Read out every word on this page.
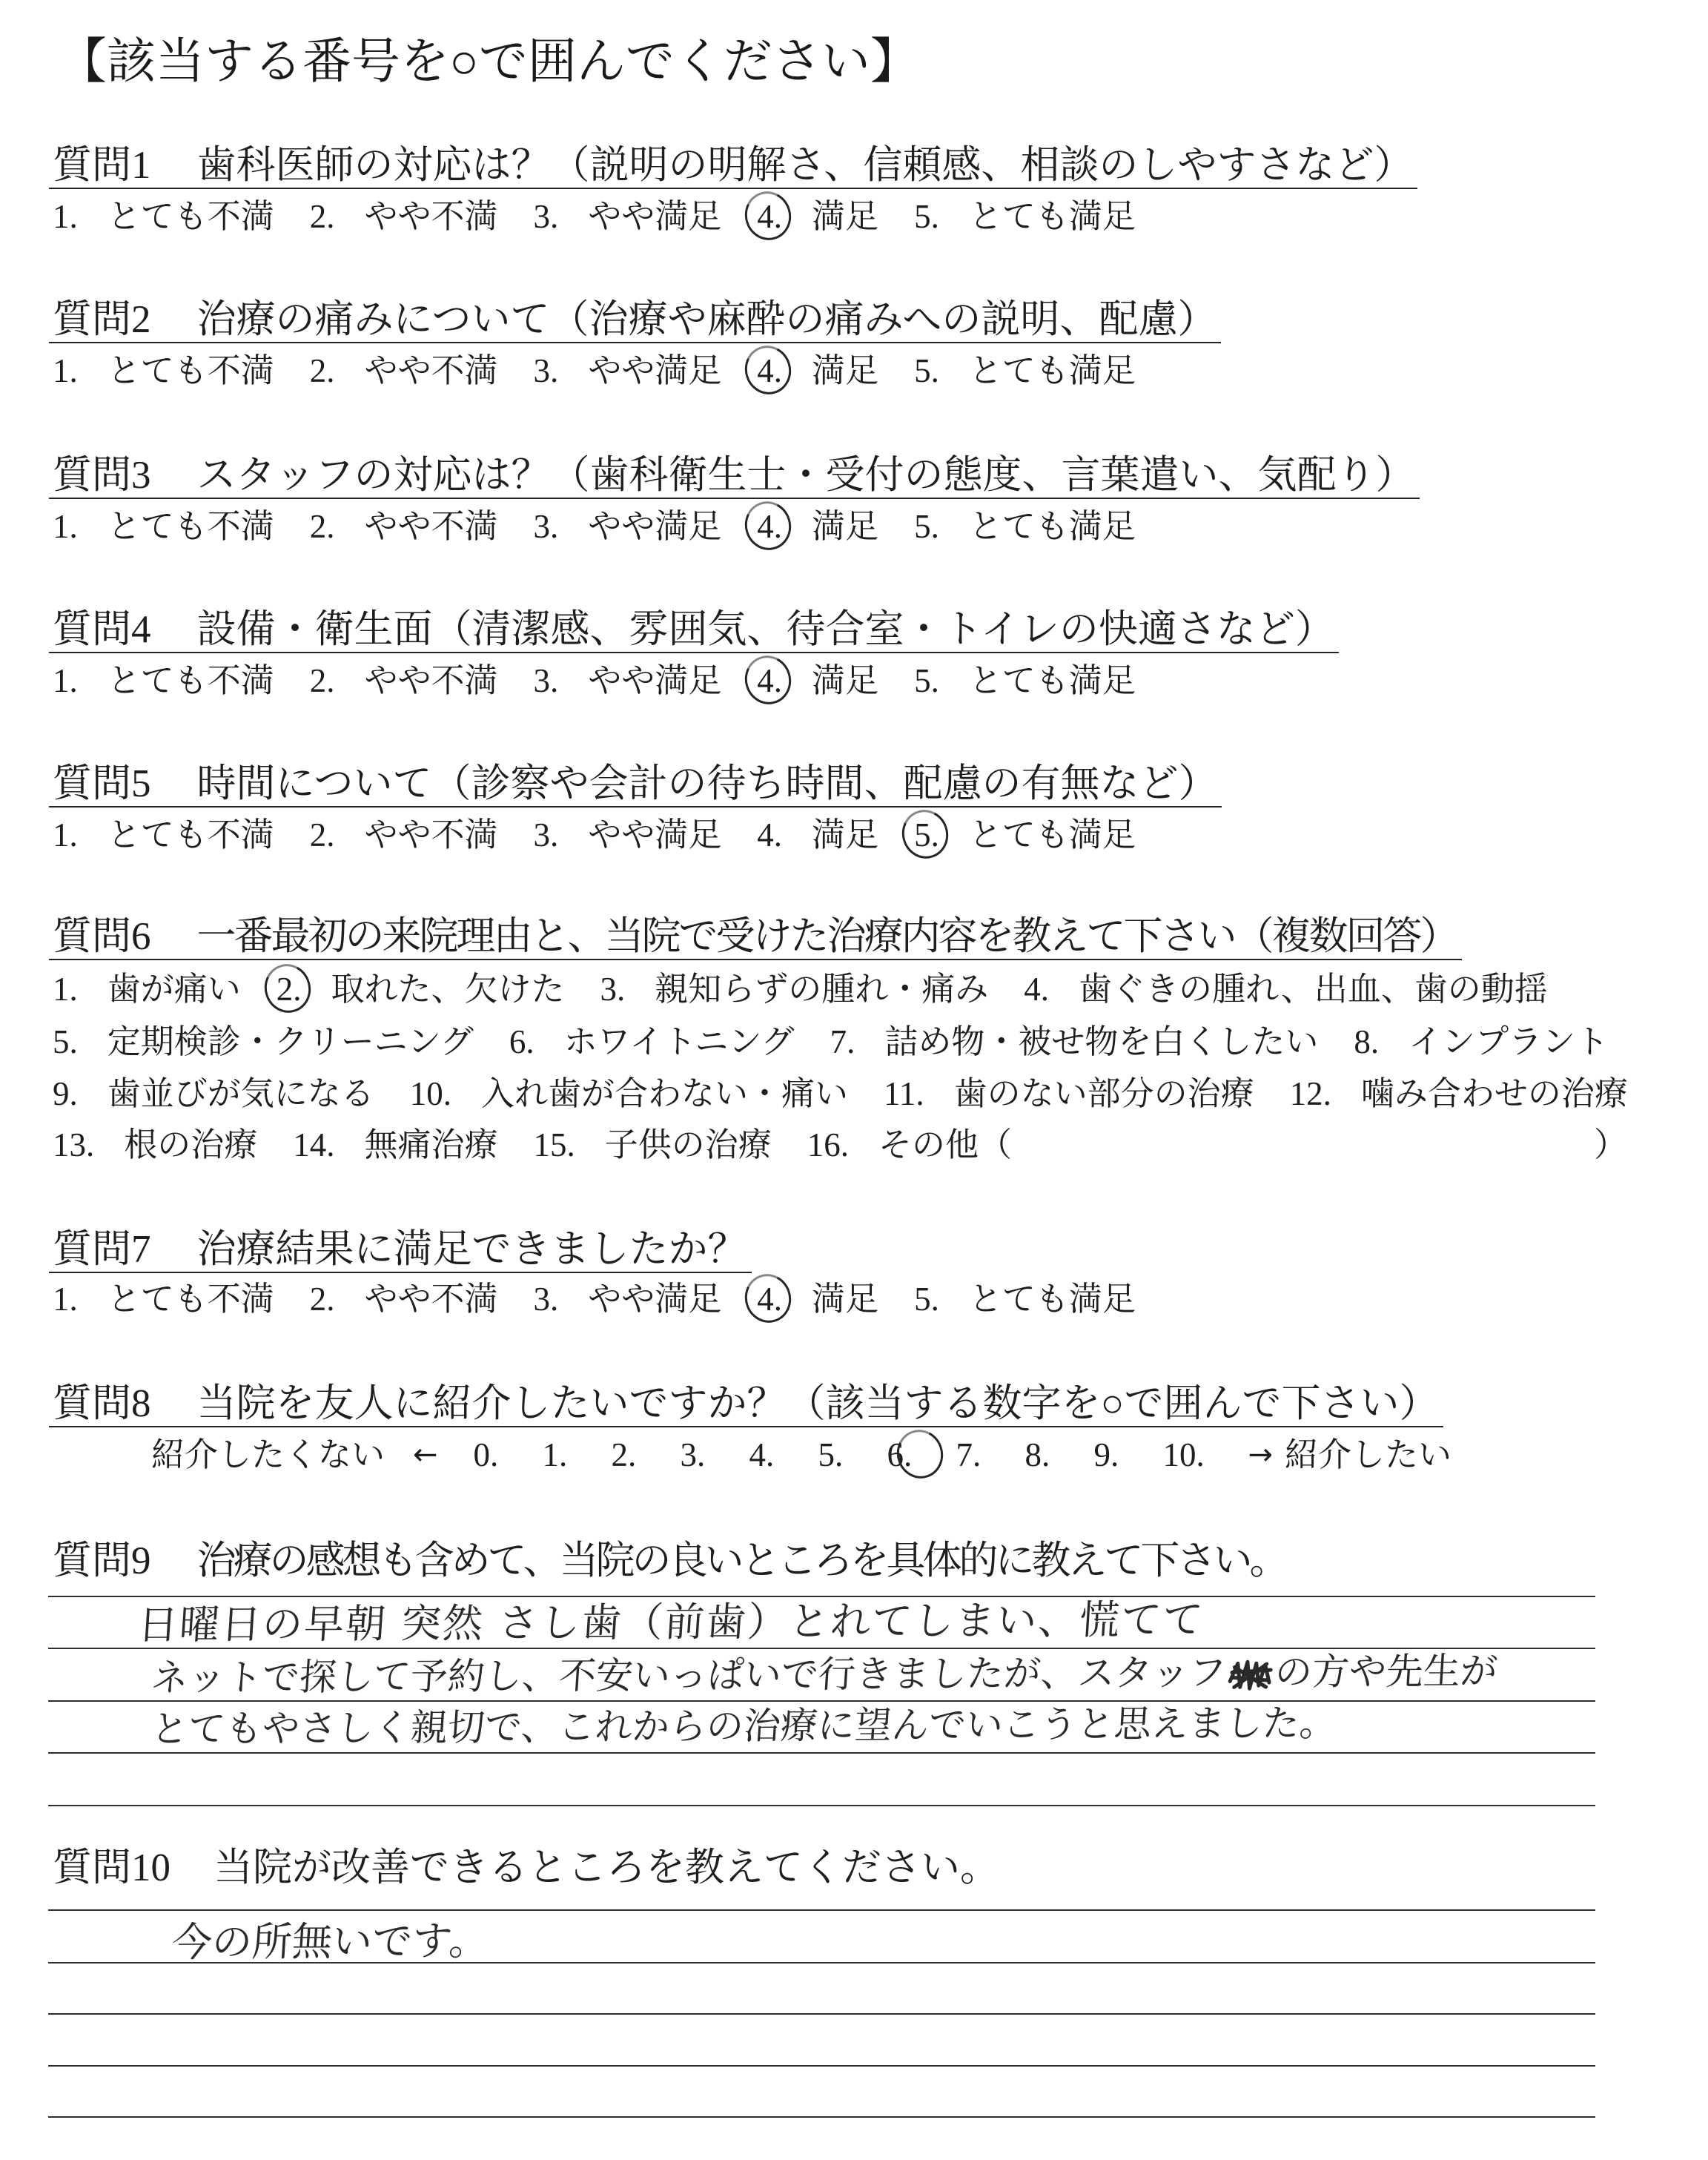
【該当する番号を○で囲んでください】
質問1 歯科医師の対応は？（説明の明解さ、信頼感、相談のしやすさなど）
1. とても不満 2. やや不満 3. やや満足 4. 満足 5. とても満足
質問2 治療の痛みについて（治療や麻酔の痛みへの説明、配慮）
1. とても不満 2. やや不満 3. やや満足 4. 満足 5. とても満足
質問3 スタッフの対応は？（歯科衛生士・受付の態度、言葉遣い、気配り）
1. とても不満 2. やや不満 3. やや満足 4. 満足 5. とても満足
質問4 設備・衛生面（清潔感、雰囲気、待合室・トイレの快適さなど）
1. とても不満 2. やや不満 3. やや満足 4. 満足 5. とても満足
質問5 時間について（診察や会計の待ち時間、配慮の有無など）
1. とても不満 2. やや不満 3. やや満足 4. 満足 5. とても満足
質問6 一番最初の来院理由と、当院で受けた治療内容を教えて下さい（複数回答）
1. 歯が痛い 2. 取れた、欠けた 3. 親知らずの腫れ・痛み 4. 歯ぐきの腫れ、出血、歯の動揺
5. 定期検診・クリーニング 6. ホワイトニング 7. 詰め物・被せ物を白くしたい 8. インプラント
9. 歯並びが気になる 10. 入れ歯が合わない・痛い 11. 歯のない部分の治療 12. 噛み合わせの治療
13. 根の治療 14. 無痛治療 15. 子供の治療 16. その他（	）
質問7 治療結果に満足できましたか？
1. とても不満 2. やや不満 3. やや満足 4. 満足 5. とても満足
質問8 当院を友人に紹介したいですか？（該当する数字を○で囲んで下さい）
紹介したくない ← 0.	1.	2.	3.	4.	5.	6.	7.	8.	9.	10.	→ 紹介したい
質問9 治療の感想も含めて、当院の良いところを具体的に教えて下さい。
日曜日の早朝 突然 さし歯（前歯）とれてしまい、慌てて
ネットで探して予約し、不安いっぱいで行きましたが、スタッフ の方や先生が
とてもやさしく親切で、これからの治療に望んでいこうと思えました。
質問10 当院が改善できるところを教えてください。
今の所無いです。
